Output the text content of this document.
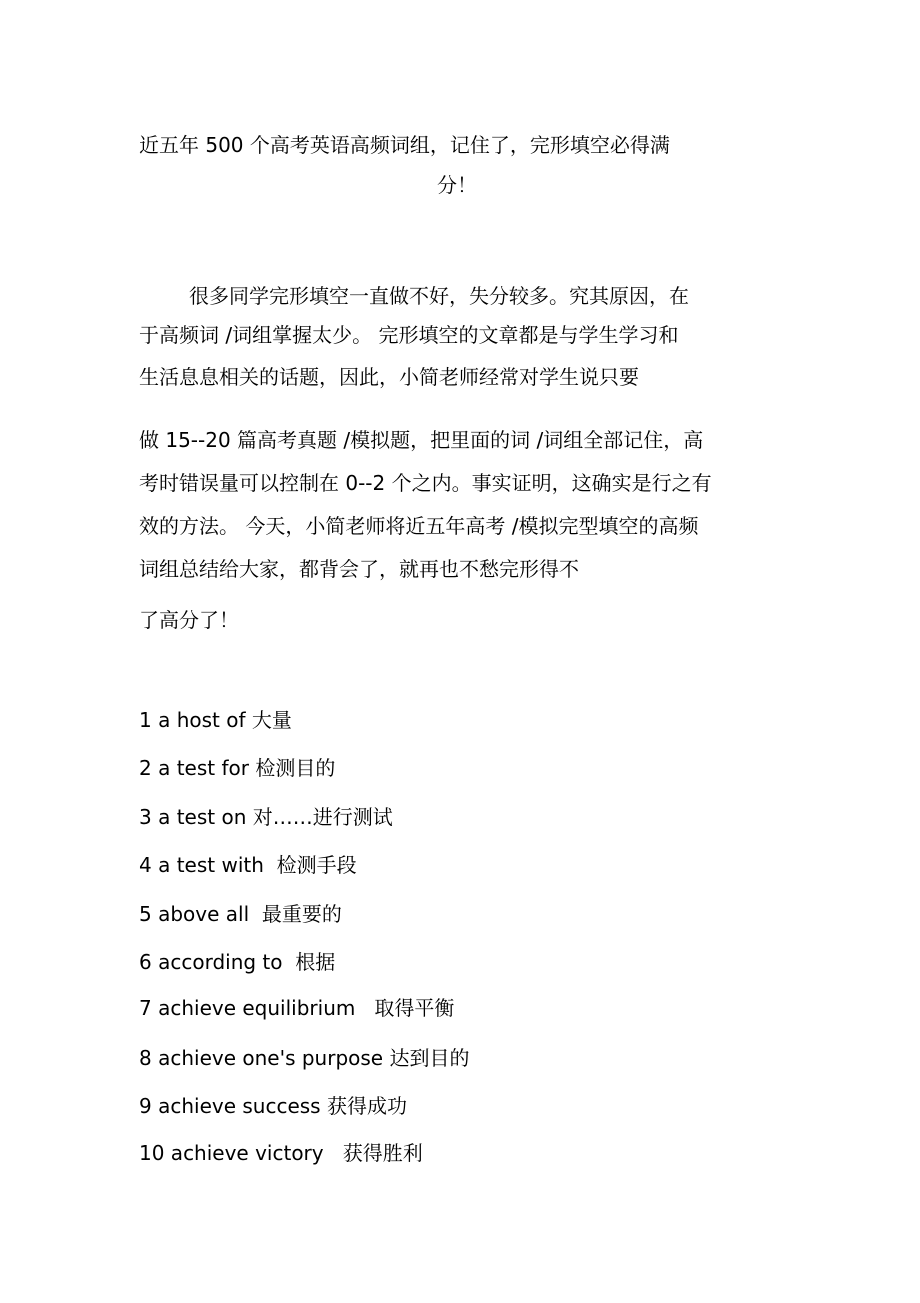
近五年 500 个高考英语高频词组，记住了，完形填空必得满
分！
很多同学完形填空一直做不好，失分较多。究其原因，在
于高频词 /词组掌握太少。 完形填空的文章都是与学生学习和
生活息息相关的话题，因此，小简老师经常对学生说只要
做 15--20 篇高考真题 /模拟题，把里面的词 /词组全部记住，高
考时错误量可以控制在 0--2 个之内。事实证明，这确实是行之有
效的方法。 今天，小简老师将近五年高考 /模拟完型填空的高频
词组总结给大家，都背会了，就再也不愁完形得不
了高分了！
1 a host of 大量
2 a test for 检测目的
3 a test on 对……进行测试
4 a test with  检测手段
5 above all  最重要的
6 according to  根据
7 achieve equilibrium   取得平衡
8 achieve one's purpose 达到目的
9 achieve success 获得成功
10 achieve victory   获得胜利
